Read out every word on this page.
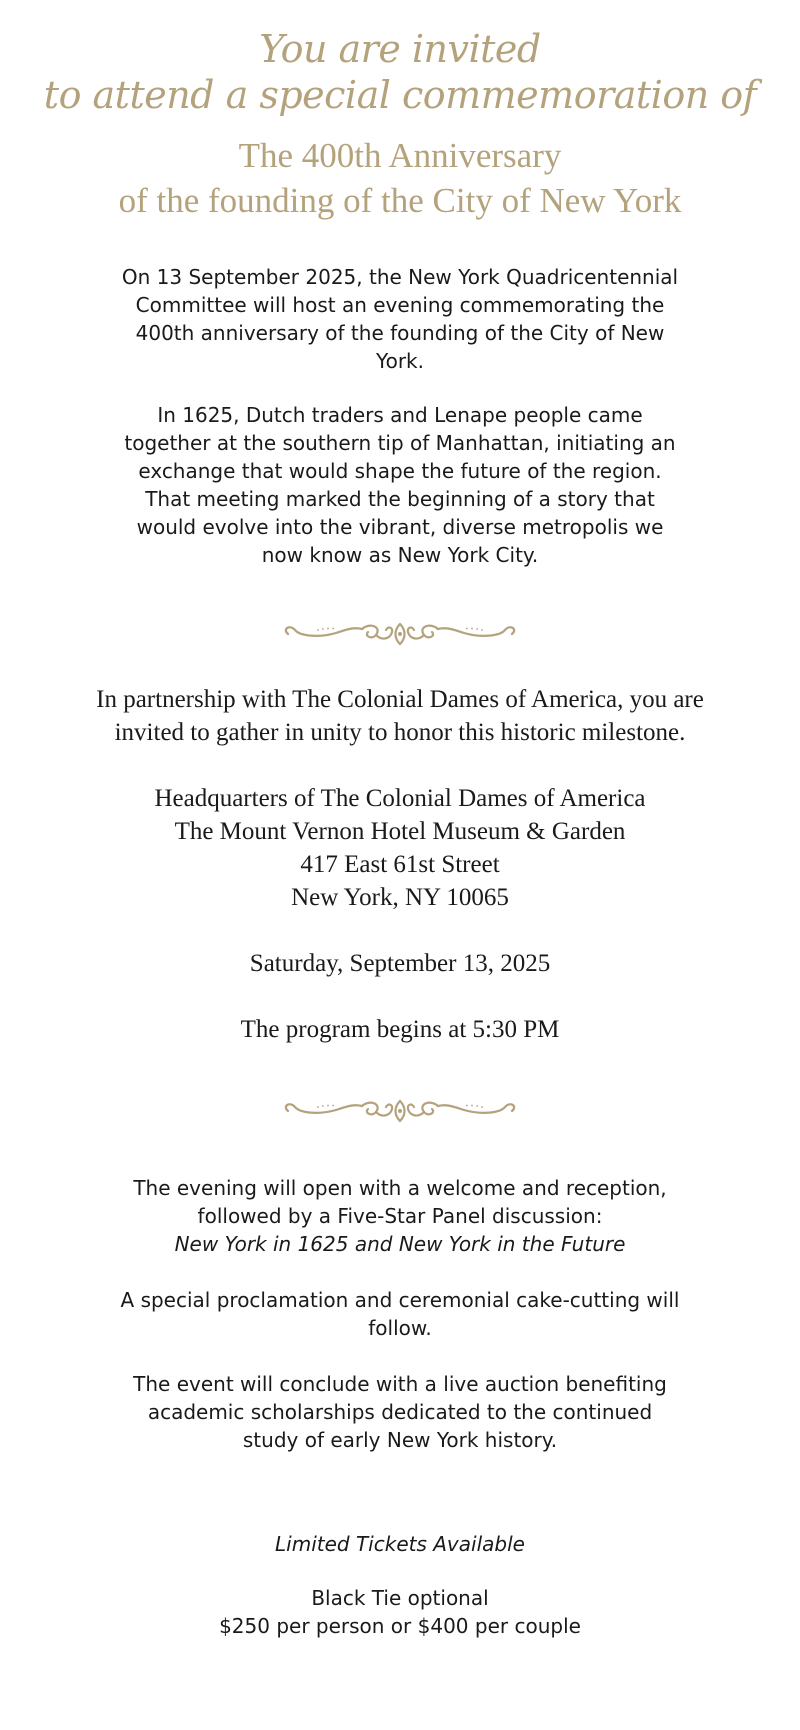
You are invited
to attend a special commemoration of
The 400th Anniversary
of the founding of the City of New York
On 13 September 2025, the New York Quadricentennial Committee will host an evening commemorating the 400th anniversary of the founding of the City of New York.
In 1625, Dutch traders and Lenape people came together at the southern tip of Manhattan, initiating an exchange that would shape the future of the region. That meeting marked the beginning of a story that would evolve into the vibrant, diverse metropolis we now know as New York City.
In partnership with The Colonial Dames of America, you are invited to gather in unity to honor this historic milestone.
Headquarters of The Colonial Dames of America
The Mount Vernon Hotel Museum & Garden
417 East 61st Street
New York, NY 10065
Saturday, September 13, 2025
The program begins at 5:30 PM
The evening will open with a welcome and reception, followed by a Five-Star Panel discussion:
New York in 1625 and New York in the Future
A special proclamation and ceremonial cake-cutting will follow.
The event will conclude with a live auction benefiting academic scholarships dedicated to the continued study of early New York history.
Limited Tickets Available
Black Tie optional
$250 per person or $400 per couple
